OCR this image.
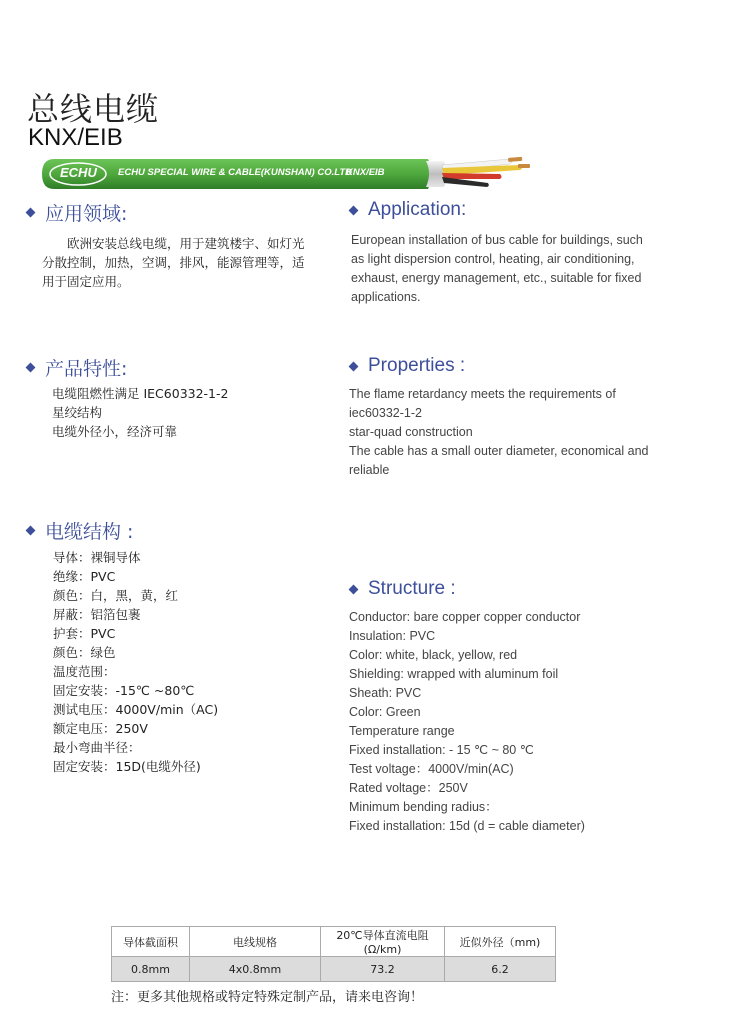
总线电缆
KNX/EIB
ECHU ECHU SPECIAL WIRE & CABLE(KUNSHAN) CO.LTD
KNX/EIB
应用领域:
欧洲安装总线电缆，用于建筑楼宇、如灯光
分散控制，加热，空调，排风，能源管理等，适
用于固定应用。
Application:
European installation of bus cable for buildings, such
as light dispersion control, heating, air conditioning,
exhaust, energy management, etc., suitable for fixed
applications.
产品特性:
电缆阻燃性满足 IEC60332-1-2
星绞结构
电缆外径小，经济可靠
Properties :
The flame retardancy meets the requirements of
iec60332-1-2
star-quad construction
The cable has a small outer diameter, economical and
reliable
电缆结构 :
导体：裸铜导体
绝缘：PVC
颜色：白，黑，黄，红
屏蔽：铝箔包裹
护套：PVC
颜色：绿色
温度范围：
固定安装：-15℃ ~80℃
测试电压：4000V/min（AC)
额定电压：250V
最小弯曲半径：
固定安装：15D(电缆外径)
Structure :
Conductor: bare copper copper conductor
Insulation: PVC
Color: white, black, yellow, red
Shielding: wrapped with aluminum foil
Sheath: PVC
Color: Green
Temperature range
Fixed installation: - 15 ℃ ~ 80 ℃
Test voltage：4000V/min(AC)
Rated voltage：250V
Minimum bending radius：
Fixed installation: 15d (d = cable diameter)
导体截面积	电线规格	20℃导体直流电阻 (Ω/km)	近似外径（mm)
0.8mm	4x0.8mm	73.2	6.2
注：更多其他规格或特定特殊定制产品，请来电咨询！
